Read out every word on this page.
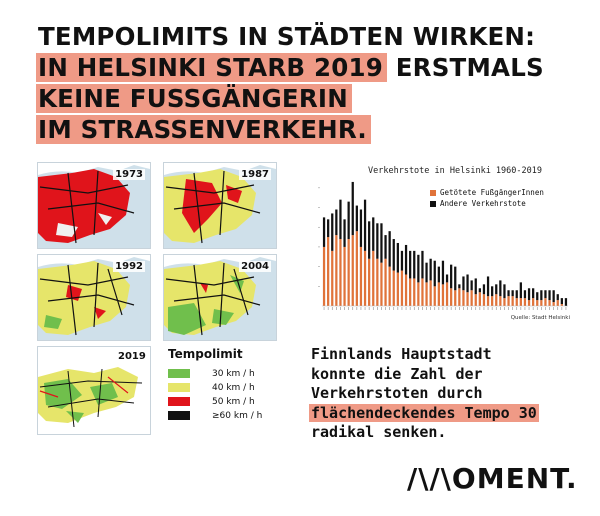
TEMPOLIMITS IN STÄDTEN WIRKEN:
IN HELSINKI STARB 2019 ERSTMALS
KEINE FUSSGÄNGERIN
IM STRASSENVERKEHR.
1973	1987
1992	2004
2019 Tempolimit
30 km / h
40 km / h
50 km / h
≥60 km / h
Verkehrstote in Helsinki 1960-2019
Getötete FußgängerInnen
Andere Verkehrstote
Quelle: Stadt Helsinki
Finnlands Hauptstadt
konnte die Zahl der
Verkehrstoten durch
flächendeckendes Tempo 30
radikal senken.
/\/\OMENT.
